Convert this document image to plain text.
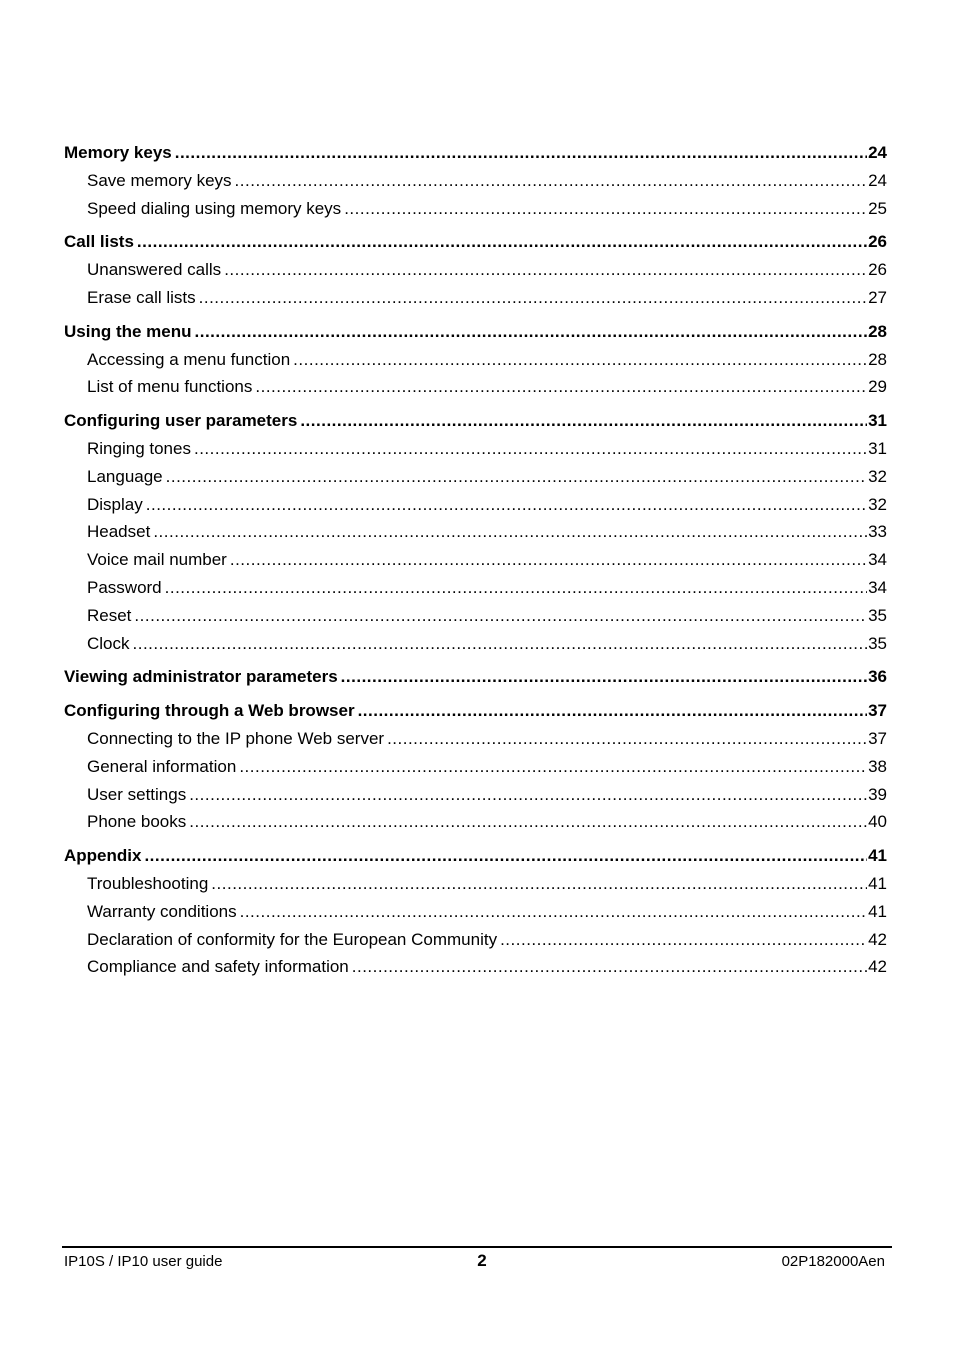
Memory keys .....	24
Save memory keys .....	24
Speed dialing using memory keys .....	25
Call lists .....	26
Unanswered calls .....	26
Erase call lists .....	27
Using the menu .....	28
Accessing a menu function .....	28
List of menu functions .....	29
Configuring user parameters .....	31
Ringing tones .....	31
Language .....	32
Display .....	32
Headset .....	33
Voice mail number .....	34
Password .....	34
Reset .....	35
Clock .....	35
Viewing administrator parameters .....	36
Configuring through a Web browser .....	37
Connecting to the IP phone Web server .....	37
General information .....	38
User settings .....	39
Phone books .....	40
Appendix .....	41
Troubleshooting .....	41
Warranty conditions .....	41
Declaration of conformity for the European Community .....	42
Compliance and safety information .....	42
IP10S / IP10 user guide	2	02P182000Aen
